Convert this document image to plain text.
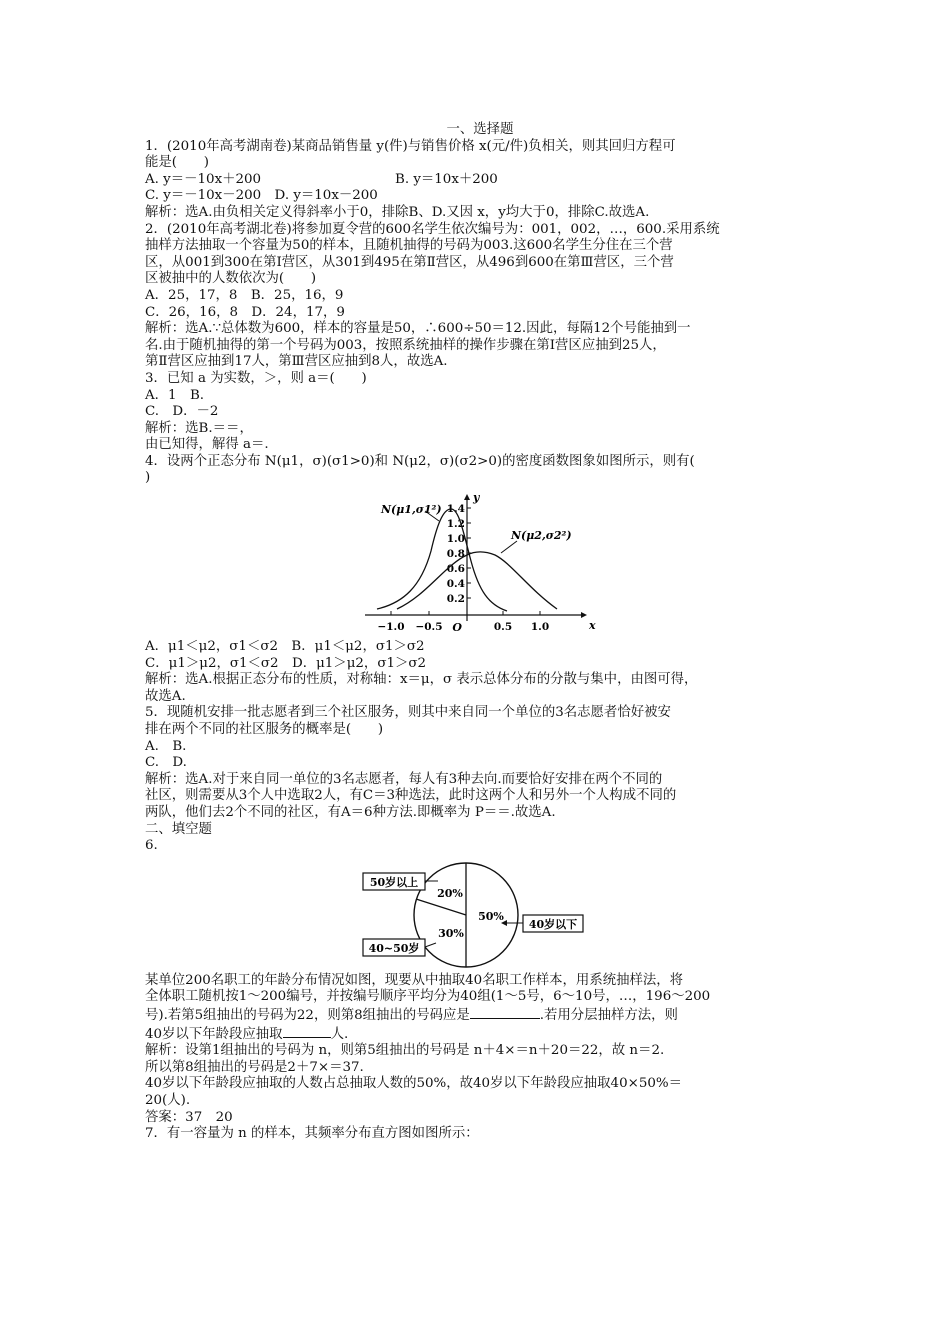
一、选择题
1．(2010年高考湖南卷)某商品销售量 y(件)与销售价格 x(元/件)负相关，则其回归方程可
能是(　　)
A. y＝－10x＋200　　　　　　　　　　B. y＝10x＋200
C. y＝－10x－200　D. y＝10x－200
解析：选A.由负相关定义得斜率小于0，排除B、D.又因 x，y均大于0，排除C.故选A.
2．(2010年高考湖北卷)将参加夏令营的600名学生依次编号为：001，002，…，600.采用系统
抽样方法抽取一个容量为50的样本，且随机抽得的号码为003.这600名学生分住在三个营
区，从001到300在第Ⅰ营区，从301到495在第Ⅱ营区，从496到600在第Ⅲ营区，三个营
区被抽中的人数依次为(　　)
A．25，17，8　B．25，16，9
C．26，16，8　D．24，17，9
解析：选A.∵总体数为600，样本的容量是50，∴600÷50＝12.因此，每隔12个号能抽到一
名.由于随机抽得的第一个号码为003，按照系统抽样的操作步骤在第Ⅰ营区应抽到25人，
第Ⅱ营区应抽到17人，第Ⅲ营区应抽到8人，故选A.
3．已知 a 为实数，＞，则 a＝(　　)
A．1　B.
C.　D．－2
解析：选B.＝＝，
由已知得，解得 a＝.
4．设两个正态分布 N(μ1，σ)(σ1>0)和 N(μ2，σ)(σ2>0)的密度函数图象如图所示，则有(
)
0.2
0.4
0.6
0.8
1.0
1.2
1.4
−1.0 −0.5	0.5 1.0
O	x
y
N(μ1,σ1²)
N(μ2,σ2²)
A．μ1＜μ2，σ1＜σ2　B．μ1＜μ2，σ1＞σ2
C．μ1＞μ2，σ1＜σ2　D．μ1＞μ2，σ1＞σ2
解析：选A.根据正态分布的性质，对称轴：x＝μ，σ 表示总体分布的分散与集中，由图可得，
故选A.
5．现随机安排一批志愿者到三个社区服务，则其中来自同一个单位的3名志愿者恰好被安
排在两个不同的社区服务的概率是(　　)
A.　B.
C.　D.
解析：选A.对于来自同一单位的3名志愿者，每人有3种去向.而要恰好安排在两个不同的
社区，则需要从3个人中选取2人，有C＝3种选法，此时这两个人和另外一个人构成不同的
两队，他们去2个不同的社区，有A＝6种方法.即概率为 P＝＝.故选A.
二、填空题
6.
20%
30%
50%
50岁以上
40~50岁
40岁以下
某单位200名职工的年龄分布情况如图，现要从中抽取40名职工作样本，用系统抽样法，将
全体职工随机按1～200编号，并按编号顺序平均分为40组(1～5号，6～10号，…，196～200
号).若第5组抽出的号码为22，则第8组抽出的号码应是	.若用分层抽样方法，则
40岁以下年龄段应抽取	人.
解析：设第1组抽出的号码为 n，则第5组抽出的号码是 n＋4×＝n＋20＝22，故 n＝2.
所以第8组抽出的号码是2＋7×＝37.
40岁以下年龄段应抽取的人数占总抽取人数的50%，故40岁以下年龄段应抽取40×50%＝
20(人).
答案：37　20
7．有一容量为 n 的样本，其频率分布直方图如图所示：
